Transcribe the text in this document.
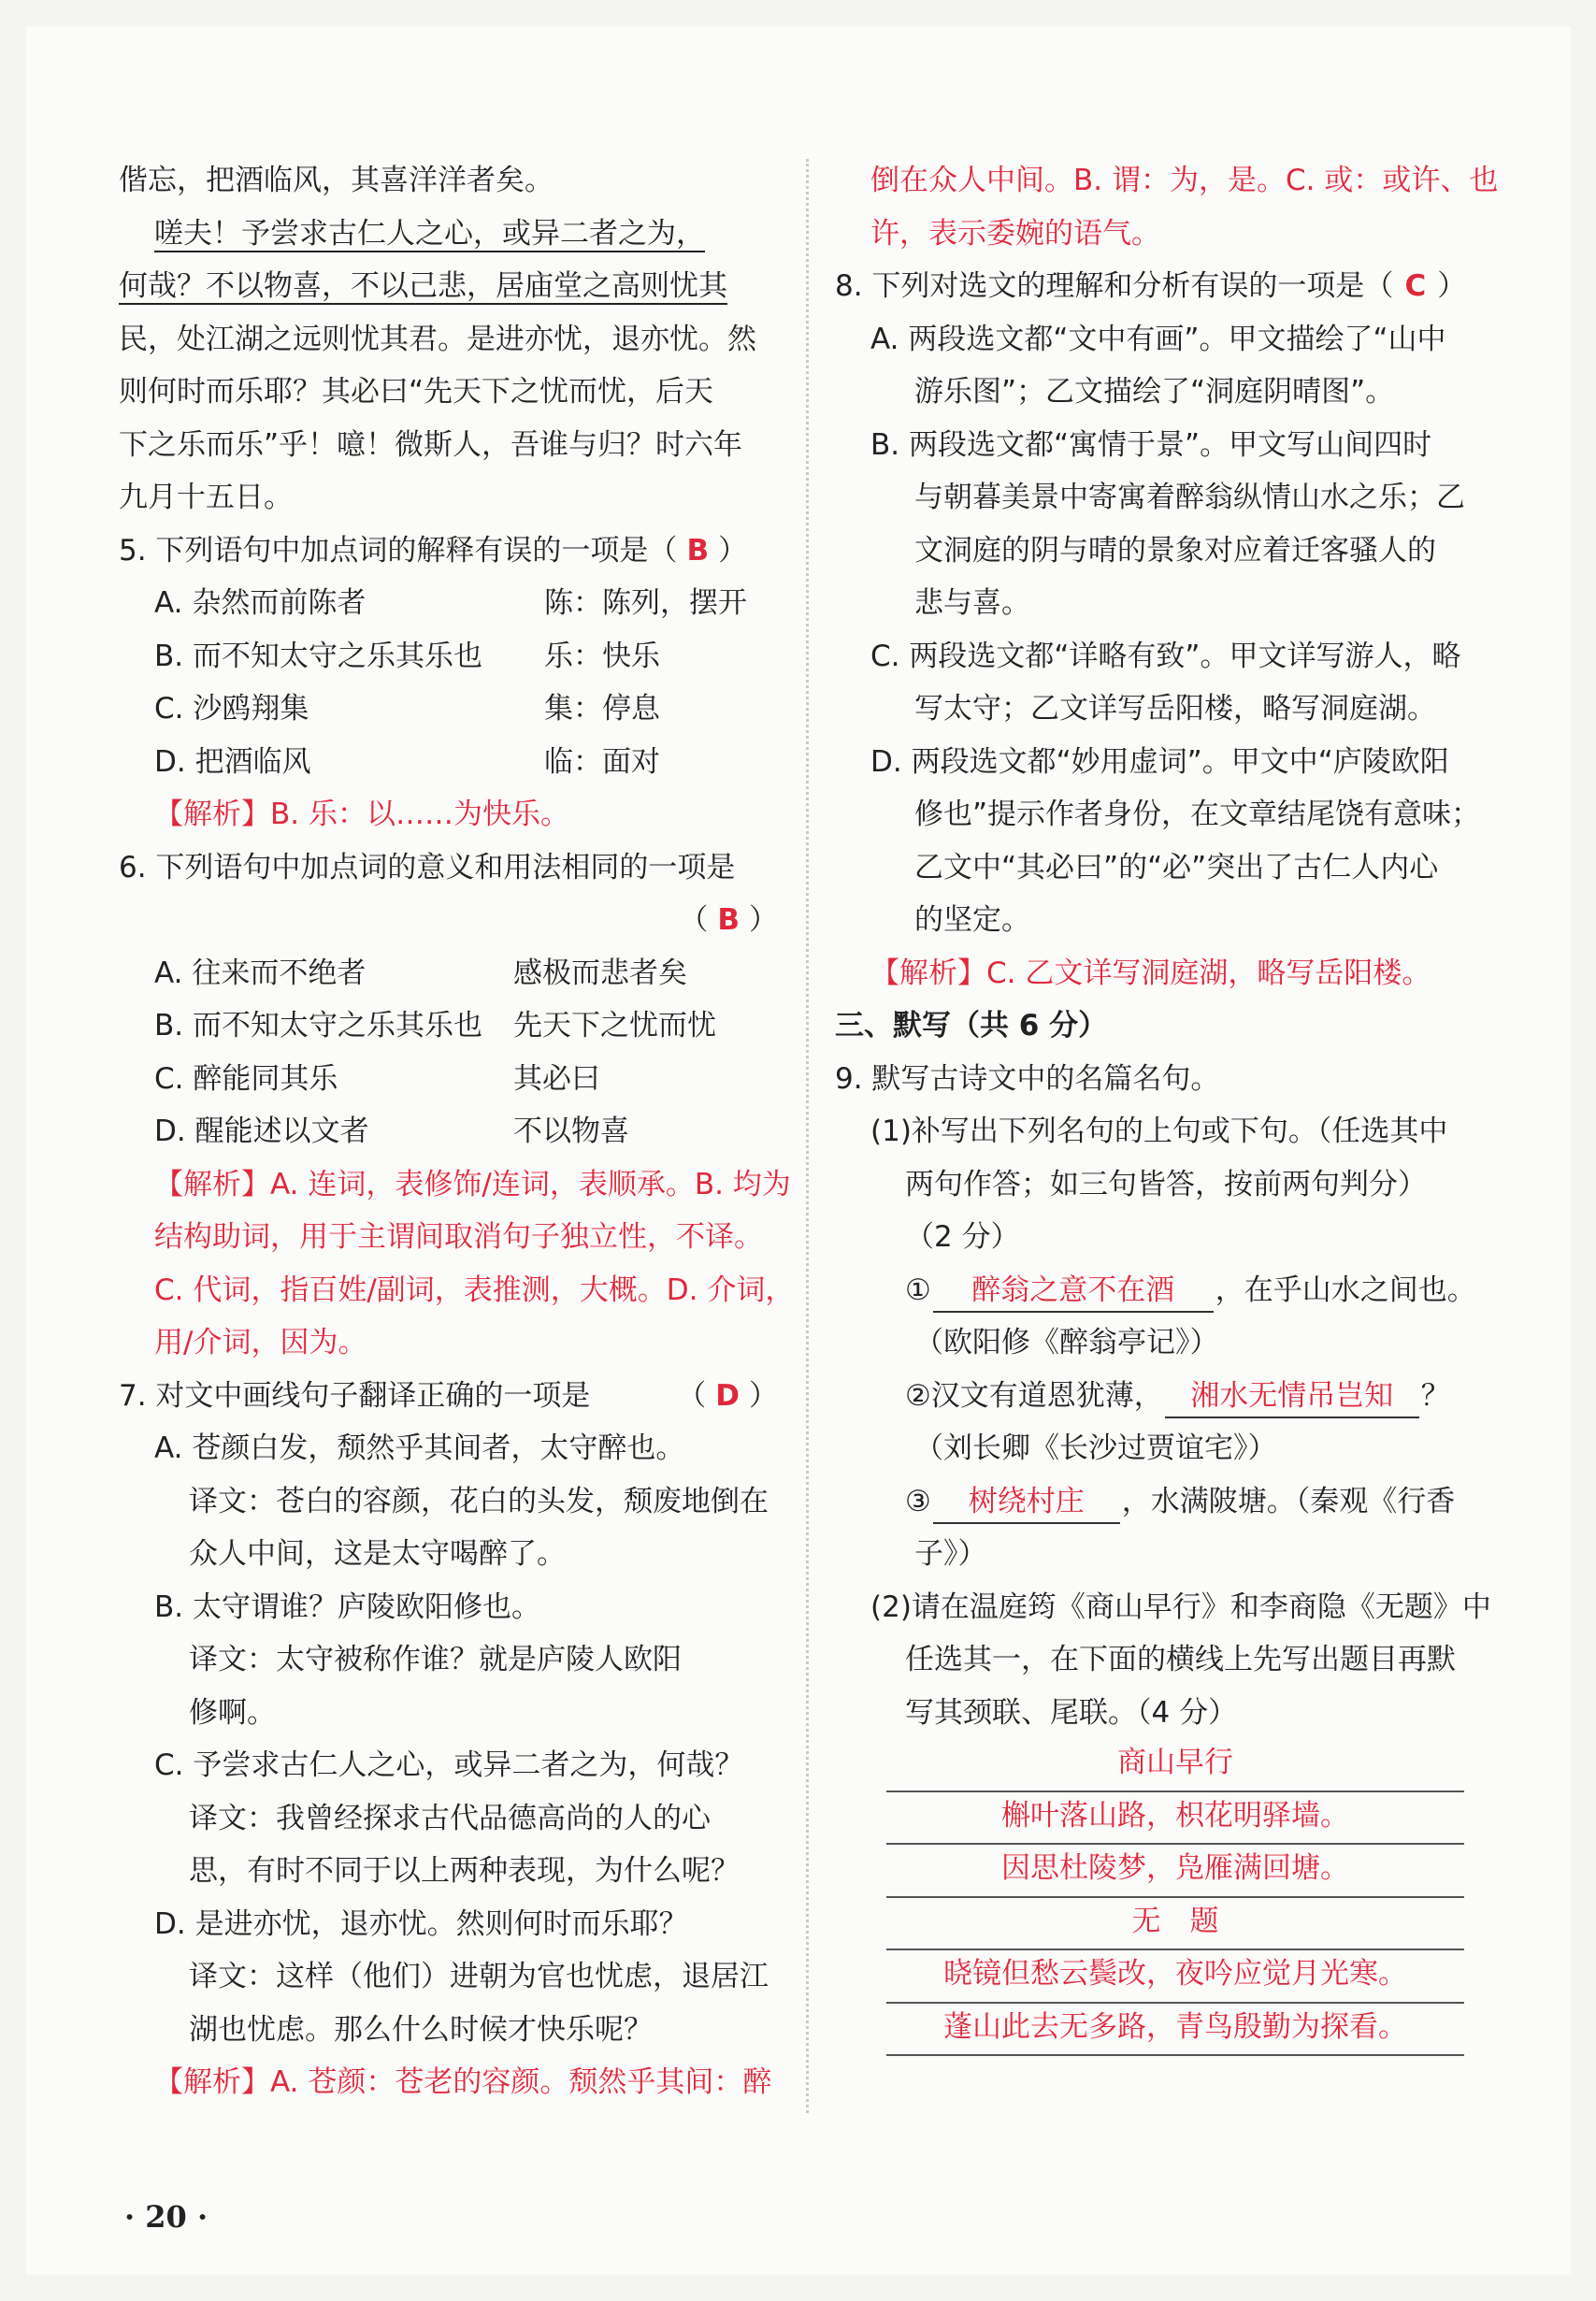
偕忘，把酒临风，其喜洋洋者矣。
嗟夫！予尝求古仁人之心，或异二者之为，
何哉？不以物喜，不以己悲，居庙堂之高则忧其
民，处江湖之远则忧其君。是进亦忧，退亦忧。然
则何时而乐耶？其必曰“先天下之忧而忧，后天
下之乐而乐”乎！噫！微斯人，吾谁与归？时六年
九月十五日。
5. 下列语句中加点词的解释有误的一项是（ B ）
A. 杂然而前陈者	陈：陈列，摆开
B. 而不知太守之乐其乐也 乐：快乐
C. 沙鸥翔集	集：停息
D. 把酒临风	临：面对
【解析】B. 乐：以……为快乐。
6. 下列语句中加点词的意义和用法相同的一项是
（ B ）
A. 往来而不绝者	感极而悲者矣
B. 而不知太守之乐其乐也 先天下之忧而忧
C. 醉能同其乐	其必曰
D. 醒能述以文者	不以物喜
【解析】A. 连词，表修饰/连词，表顺承。B. 均为
结构助词，用于主谓间取消句子独立性，不译。
C. 代词，指百姓/副词，表推测，大概。D. 介词，
用/介词，因为。
7. 对文中画线句子翻译正确的一项是	（ D ）
A. 苍颜白发，颓然乎其间者，太守醉也。
译文：苍白的容颜，花白的头发，颓废地倒在
众人中间，这是太守喝醉了。
B. 太守谓谁？庐陵欧阳修也。
译文：太守被称作谁？就是庐陵人欧阳
修啊。
C. 予尝求古仁人之心，或异二者之为，何哉？
译文：我曾经探求古代品德高尚的人的心
思，有时不同于以上两种表现，为什么呢？
D. 是进亦忧，退亦忧。然则何时而乐耶？
译文：这样（他们）进朝为官也忧虑，退居江
湖也忧虑。那么什么时候才快乐呢？
【解析】A. 苍颜：苍老的容颜。颓然乎其间：醉
倒在众人中间。B. 谓：为，是。C. 或：或许、也
许，表示委婉的语气。
8. 下列对选文的理解和分析有误的一项是（ C ）
A. 两段选文都“文中有画”。甲文描绘了“山中
游乐图”；乙文描绘了“洞庭阴晴图”。
B. 两段选文都“寓情于景”。甲文写山间四时
与朝暮美景中寄寓着醉翁纵情山水之乐；乙
文洞庭的阴与晴的景象对应着迁客骚人的
悲与喜。
C. 两段选文都“详略有致”。甲文详写游人，略
写太守；乙文详写岳阳楼，略写洞庭湖。
D. 两段选文都“妙用虚词”。甲文中“庐陵欧阳
修也”提示作者身份，在文章结尾饶有意味；
乙文中“其必曰”的“必”突出了古仁人内心
的坚定。
【解析】C. 乙文详写洞庭湖，略写岳阳楼。
三、默写（共 6 分）
9. 默写古诗文中的名篇名句。
(1)补写出下列名句的上句或下句。（任选其中
两句作答；如三句皆答，按前两句判分）
（2 分）
① 醉翁之意不在酒 ，在乎山水之间也。
（欧阳修《醉翁亭记》）
②汉文有道恩犹薄， 湘水无情吊岂知 ？
（刘长卿《长沙过贾谊宅》）
③ 树绕村庄 ，水满陂塘。（秦观《行香
子》）
(2)请在温庭筠《商山早行》和李商隐《无题》中
任选其一，在下面的横线上先写出题目再默
写其颈联、尾联。（4 分）
商山早行
槲叶落山路，枳花明驿墙。
因思杜陵梦，凫雁满回塘。
无　题
晓镜但愁云鬓改，夜吟应觉月光寒。
蓬山此去无多路，青鸟殷勤为探看。
· 20 ·
